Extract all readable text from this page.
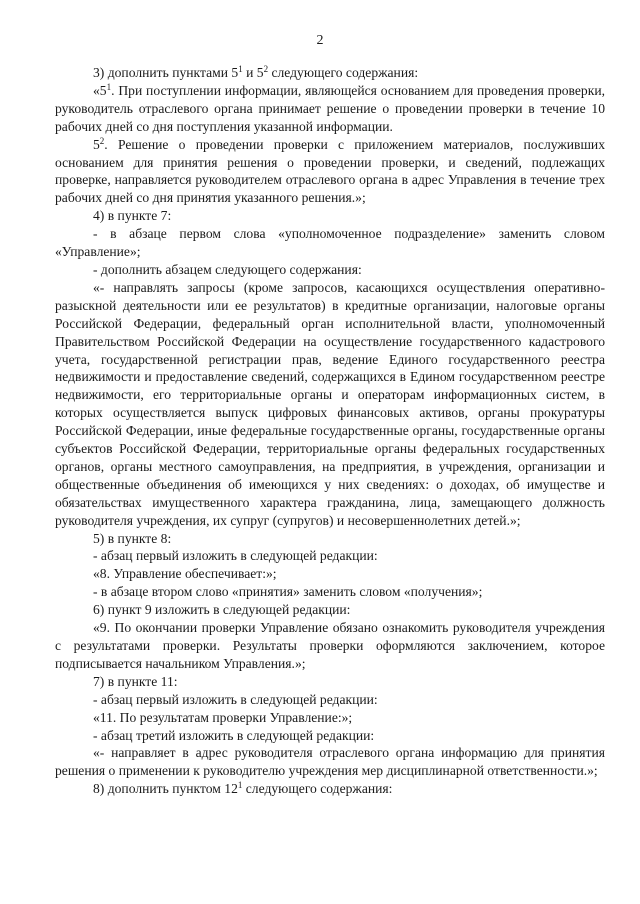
2

3) дополнить пунктами $5^1$ и $5^2$ следующего содержания:

«$5^1$. При поступлении информации, являющейся основанием для проведения проверки, руководитель отраслевого органа принимает решение о проведении проверки в течение 10 рабочих дней со дня поступления указанной информации.

$5^2$. Решение о проведении проверки с приложением материалов, послуживших основанием для принятия решения о проведении проверки, и сведений, подлежащих проверке, направляется руководителем отраслевого органа в адрес Управления в течение трех рабочих дней со дня принятия указанного решения.»;

4) в пункте 7:

- в абзаце первом слова «уполномоченное подразделение» заменить словом «Управление»;

- дополнить абзацем следующего содержания:

«- направлять запросы (кроме запросов, касающихся осуществления оперативно-разыскной деятельности или ее результатов) в кредитные организации, налоговые органы Российской Федерации, федеральный орган исполнительной власти, уполномоченный Правительством Российской Федерации на осуществление государственного кадастрового учета, государственной регистрации прав, ведение Единого государственного реестра недвижимости и предоставление сведений, содержащихся в Едином государственном реестре недвижимости, его территориальные органы и операторам информационных систем, в которых осуществляется выпуск цифровых финансовых активов, органы прокуратуры Российской Федерации, иные федеральные государственные органы, государственные органы субъектов Российской Федерации, территориальные органы федеральных государственных органов, органы местного самоуправления, на предприятия, в учреждения, организации и общественные объединения об имеющихся у них сведениях: о доходах, об имуществе и обязательствах имущественного характера гражданина, лица, замещающего должность руководителя учреждения, их супруг (супругов) и несовершеннолетних детей.»;

5) в пункте 8:

- абзац первый изложить в следующей редакции:

«8. Управление обеспечивает:»;

- в абзаце втором слово «принятия» заменить словом «получения»;

6) пункт 9 изложить в следующей редакции:

«9. По окончании проверки Управление обязано ознакомить руководителя учреждения с результатами проверки. Результаты проверки оформляются заключением, которое подписывается начальником Управления.»;

7) в пункте 11:

- абзац первый изложить в следующей редакции:

«11. По результатам проверки Управление:»;

- абзац третий изложить в следующей редакции:

«- направляет в адрес руководителя отраслевого органа информацию для принятия решения о применении к руководителю учреждения мер дисциплинарной ответственности.»;

8) дополнить пунктом $12^1$ следующего содержания:
